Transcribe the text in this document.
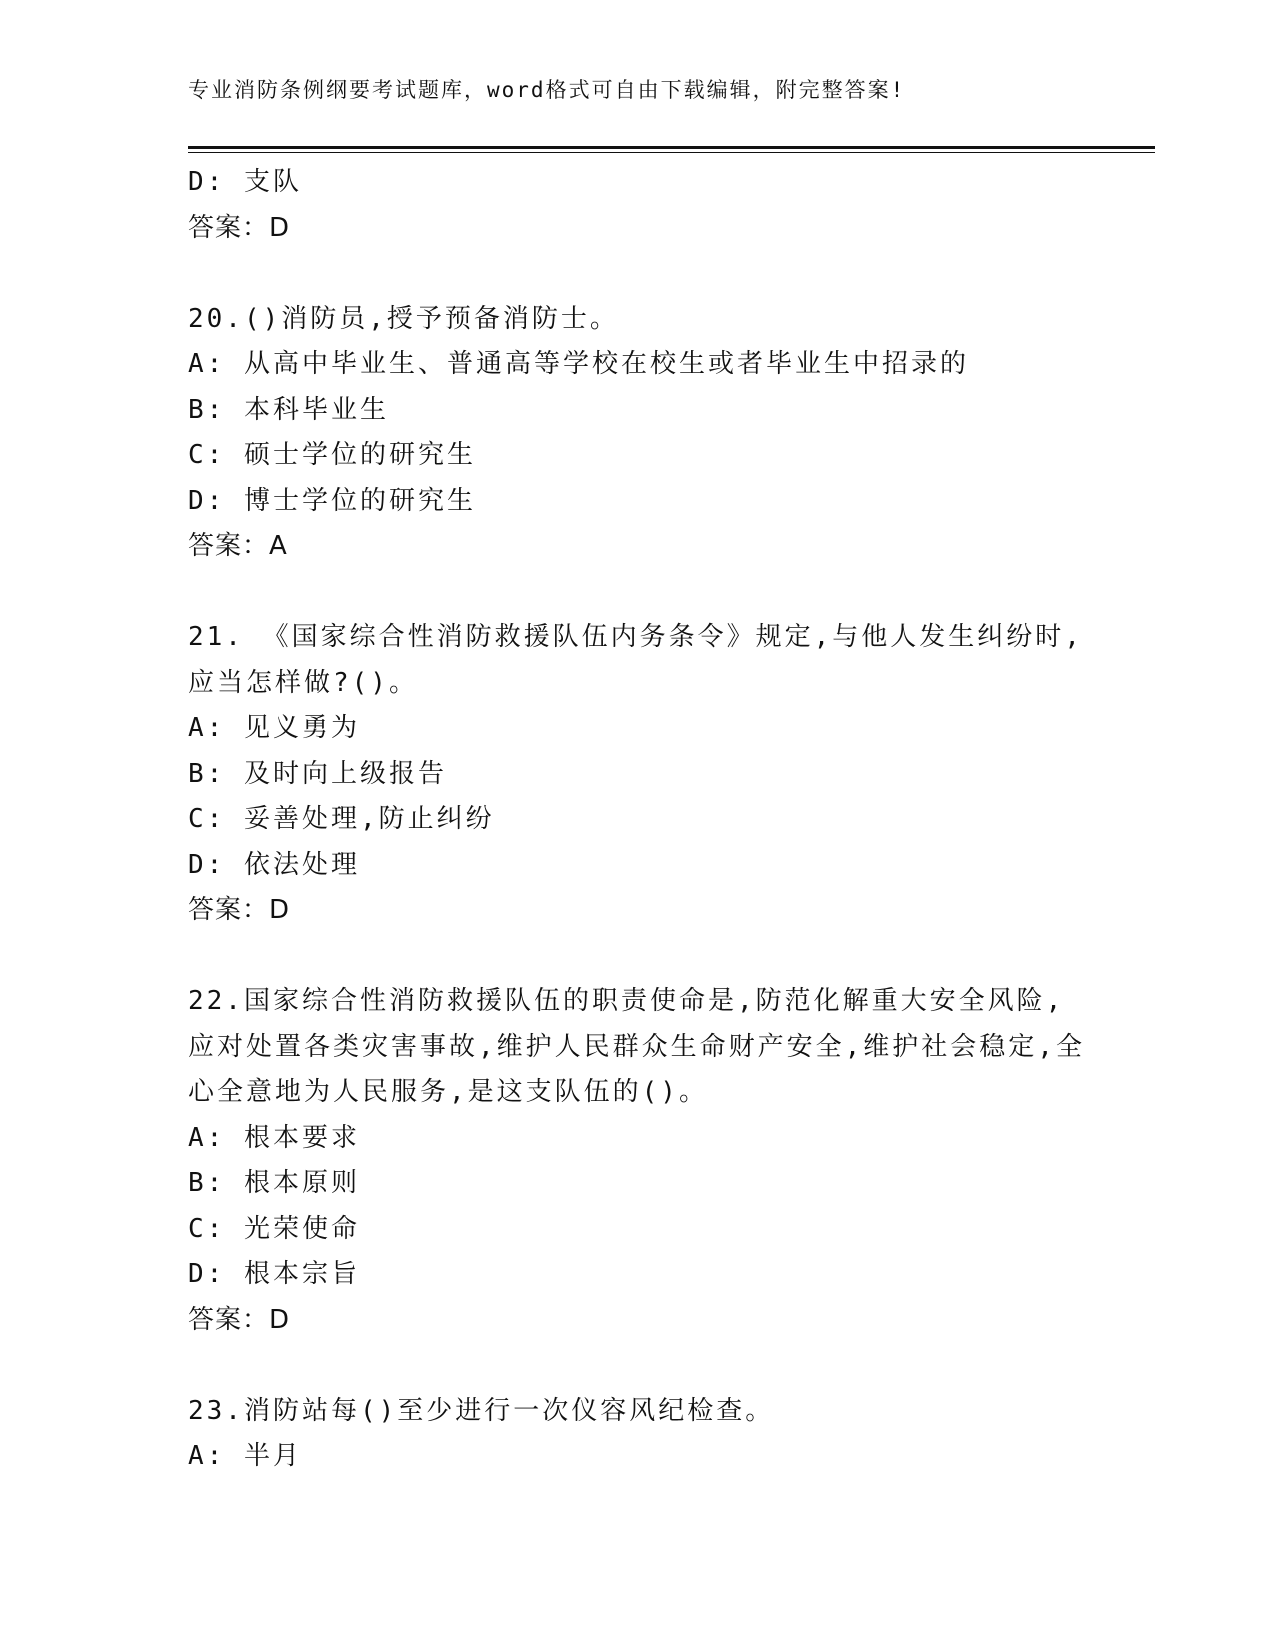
专业消防条例纲要考试题库，word格式可自由下载编辑，附完整答案!
D: 支队
答案：D
20.()消防员,授予预备消防士。
A: 从高中毕业生、普通高等学校在校生或者毕业生中招录的
B: 本科毕业生
C: 硕士学位的研究生
D: 博士学位的研究生
答案：A
21. 《国家综合性消防救援队伍内务条令》规定,与他人发生纠纷时,
应当怎样做?()。
A: 见义勇为
B: 及时向上级报告
C: 妥善处理,防止纠纷
D: 依法处理
答案：D
22.国家综合性消防救援队伍的职责使命是,防范化解重大安全风险,
应对处置各类灾害事故,维护人民群众生命财产安全,维护社会稳定,全
心全意地为人民服务,是这支队伍的()。
A: 根本要求
B: 根本原则
C: 光荣使命
D: 根本宗旨
答案：D
23.消防站每()至少进行一次仪容风纪检查。
A: 半月
